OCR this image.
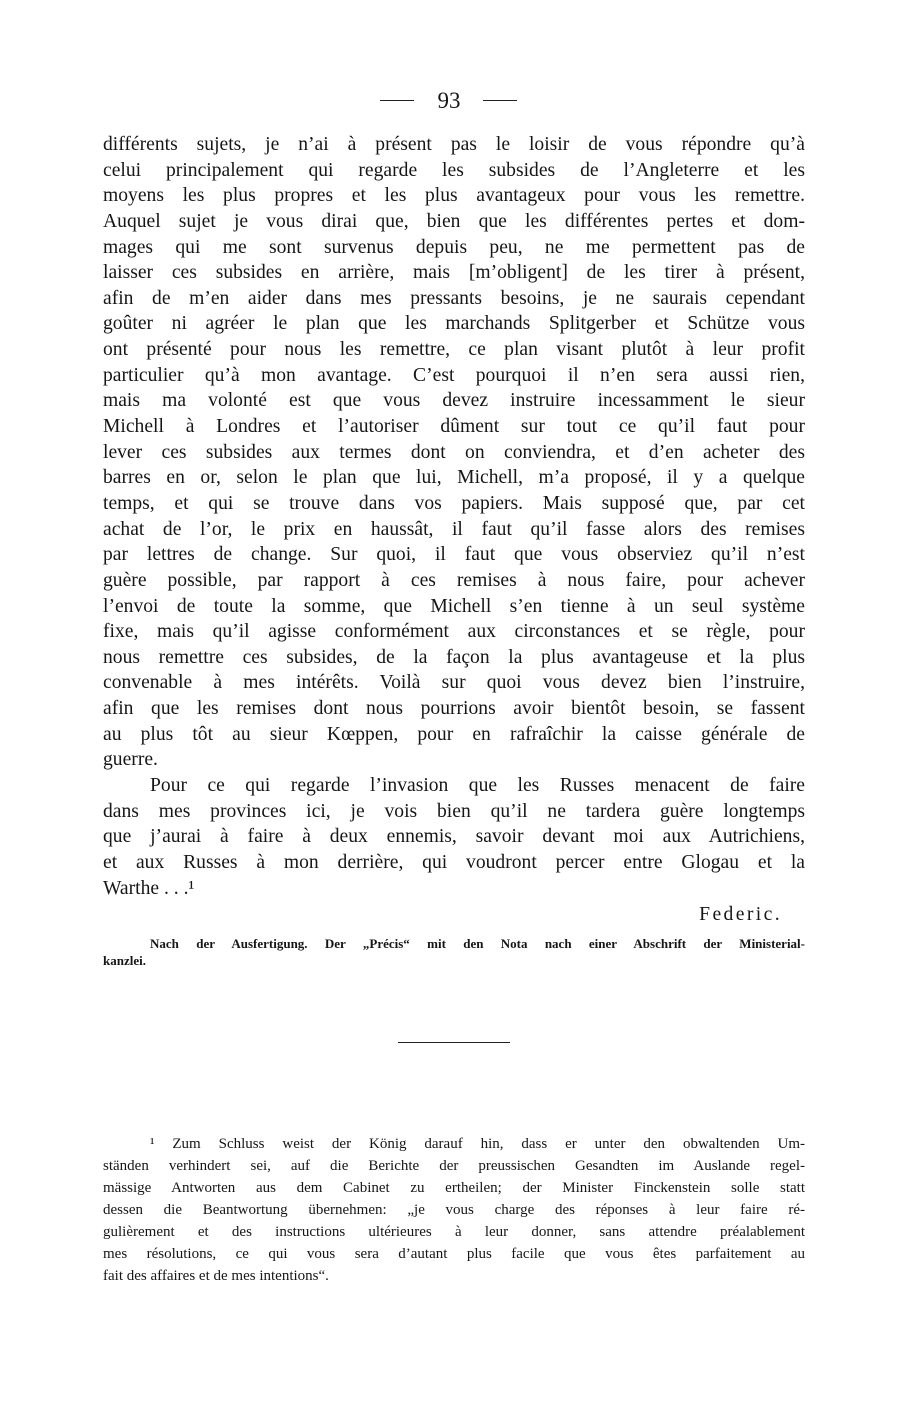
93
différents sujets, je n’ai à présent pas le loisir de vous répondre qu’à
celui principalement qui regarde les subsides de l’Angleterre et les
moyens les plus propres et les plus avantageux pour vous les remettre.
Auquel sujet je vous dirai que, bien que les différentes pertes et dom-
mages qui me sont survenus depuis peu, ne me permettent pas de
laisser ces subsides en arrière, mais [m’obligent] de les tirer à présent,
afin de m’en aider dans mes pressants besoins, je ne saurais cependant
goûter ni agréer le plan que les marchands Splitgerber et Schütze vous
ont présenté pour nous les remettre, ce plan visant plutôt à leur profit
particulier qu’à mon avantage. C’est pourquoi il n’en sera aussi rien,
mais ma volonté est que vous devez instruire incessamment le sieur
Michell à Londres et l’autoriser dûment sur tout ce qu’il faut pour
lever ces subsides aux termes dont on conviendra, et d’en acheter des
barres en or, selon le plan que lui, Michell, m’a proposé, il y a quelque
temps, et qui se trouve dans vos papiers. Mais supposé que, par cet
achat de l’or, le prix en haussât, il faut qu’il fasse alors des remises
par lettres de change. Sur quoi, il faut que vous observiez qu’il n’est
guère possible, par rapport à ces remises à nous faire, pour achever
l’envoi de toute la somme, que Michell s’en tienne à un seul système
fixe, mais qu’il agisse conformément aux circonstances et se règle, pour
nous remettre ces subsides, de la façon la plus avantageuse et la plus
convenable à mes intérêts. Voilà sur quoi vous devez bien l’instruire,
afin que les remises dont nous pourrions avoir bientôt besoin, se fassent
au plus tôt au sieur Kœppen, pour en rafraîchir la caisse générale de
guerre.
Pour ce qui regarde l’invasion que les Russes menacent de faire
dans mes provinces ici, je vois bien qu’il ne tardera guère longtemps
que j’aurai à faire à deux ennemis, savoir devant moi aux Autrichiens,
et aux Russes à mon derrière, qui voudront percer entre Glogau et la
Warthe . . .¹
Federic.
Nach der Ausfertigung. Der „Précis“ mit den Nota nach einer Abschrift der Ministerial-
kanzlei.
¹ Zum Schluss weist der König darauf hin, dass er unter den obwaltenden Um-
ständen verhindert sei, auf die Berichte der preussischen Gesandten im Auslande regel-
mässige Antworten aus dem Cabinet zu ertheilen; der Minister Finckenstein solle statt
dessen die Beantwortung übernehmen: „je vous charge des réponses à leur faire ré-
gulièrement et des instructions ultérieures à leur donner, sans attendre préalablement
mes résolutions, ce qui vous sera d’autant plus facile que vous êtes parfaitement au
fait des affaires et de mes intentions“.
